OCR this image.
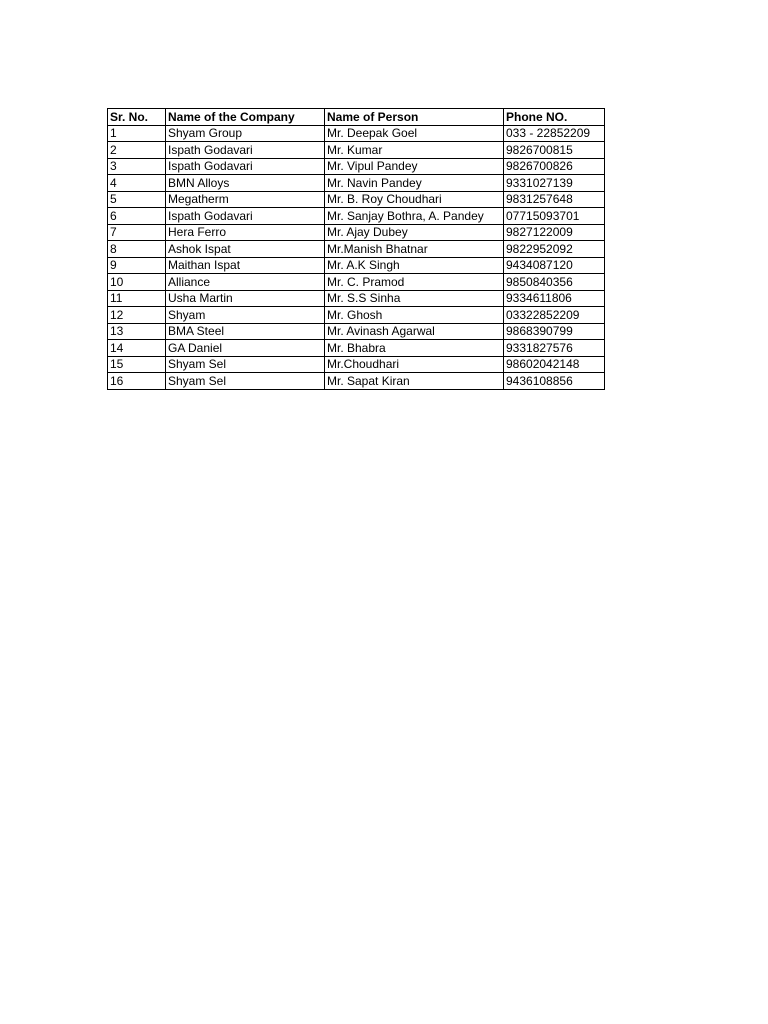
Sr. No.	Name of the Company	Name of Person	Phone NO.
1	Shyam Group	Mr. Deepak Goel	033 - 22852209
2	Ispath Godavari	Mr. Kumar	9826700815
3	Ispath Godavari	Mr. Vipul Pandey	9826700826
4	BMN Alloys	Mr. Navin Pandey	9331027139
5	Megatherm	Mr. B. Roy Choudhari	9831257648
6	Ispath Godavari	Mr. Sanjay Bothra, A. Pandey	07715093701
7	Hera Ferro	Mr. Ajay Dubey	9827122009
8	Ashok Ispat	Mr.Manish Bhatnar	9822952092
9	Maithan Ispat	Mr. A.K Singh	9434087120
10	Alliance	Mr. C. Pramod	9850840356
11	Usha Martin	Mr. S.S Sinha	9334611806
12	Shyam	Mr. Ghosh	03322852209
13	BMA Steel	Mr. Avinash Agarwal	9868390799
14	GA Daniel	Mr. Bhabra	9331827576
15	Shyam Sel	Mr.Choudhari	98602042148
16	Shyam Sel	Mr. Sapat Kiran	9436108856
